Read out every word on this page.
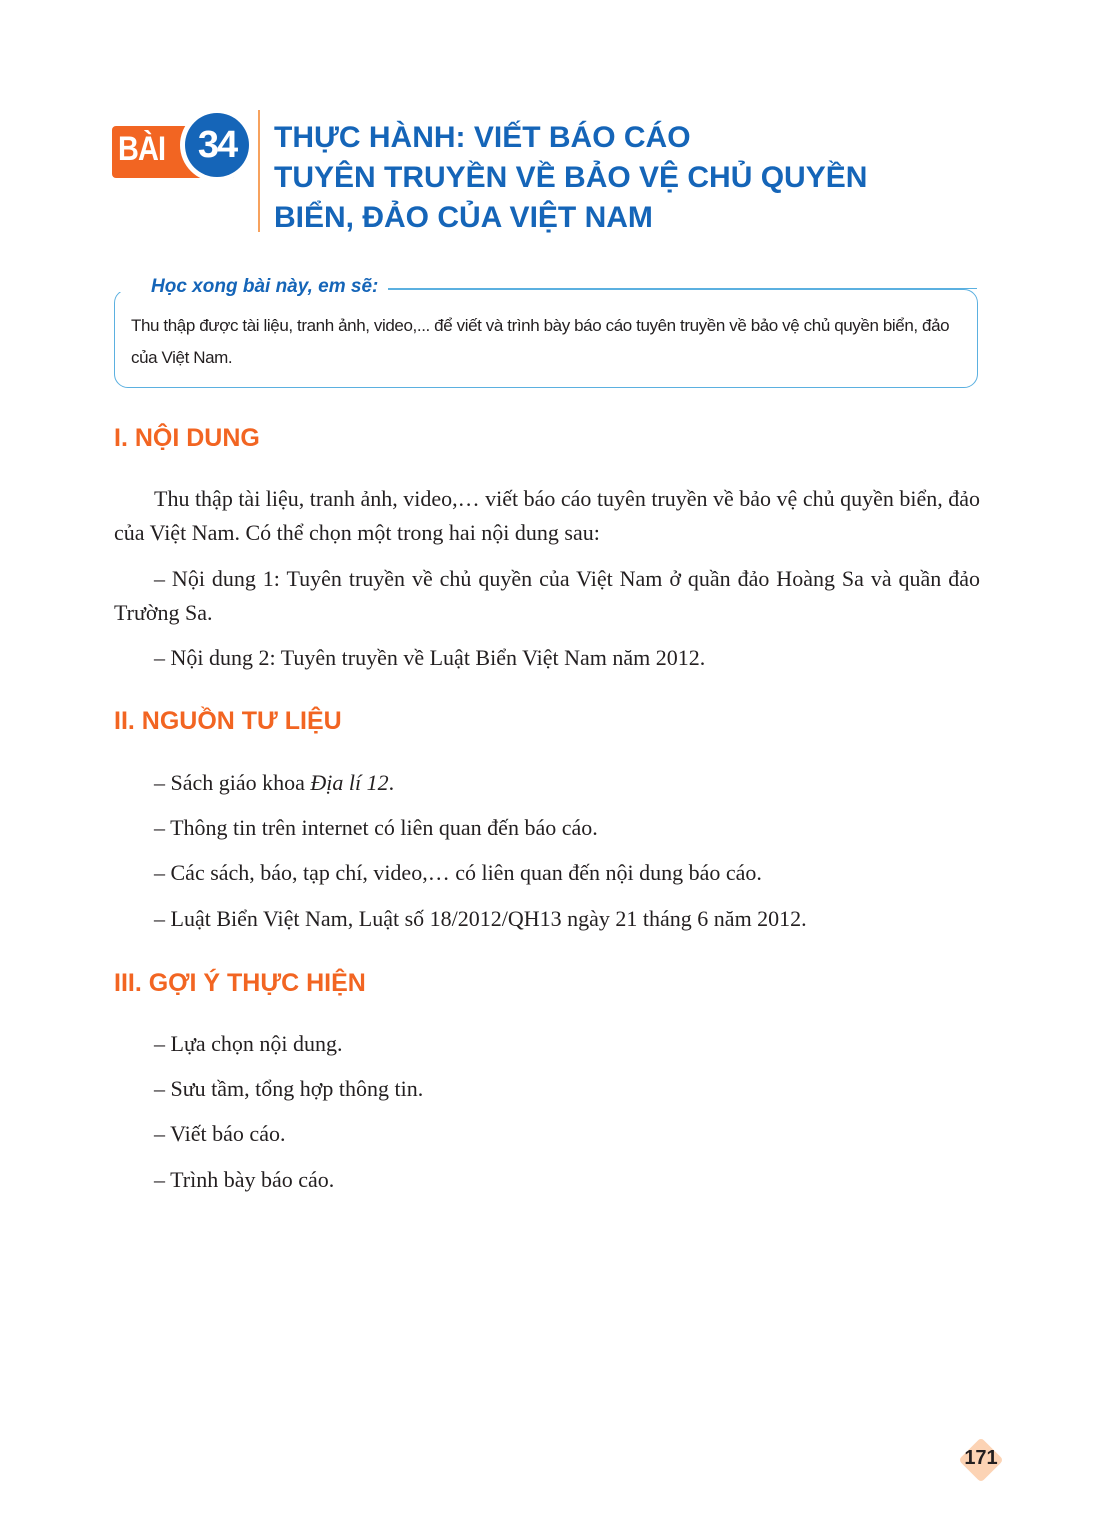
BÀI 34	THỰC HÀNH: VIẾT BÁO CÁO
TUYÊN TRUYỀN VỀ BẢO VỆ CHỦ QUYỀN
BIỂN, ĐẢO CỦA VIỆT NAM
Học xong bài này, em sẽ:
Thu thập được tài liệu, tranh ảnh, video,... để viết và trình bày báo cáo tuyên truyền về bảo vệ chủ quyền biển, đảo của Việt Nam.
I. NỘI DUNG
Thu thập tài liệu, tranh ảnh, video,… viết báo cáo tuyên truyền về bảo vệ chủ quyền biển, đảo của Việt Nam. Có thể chọn một trong hai nội dung sau:
– Nội dung 1: Tuyên truyền về chủ quyền của Việt Nam ở quần đảo Hoàng Sa và quần đảo Trường Sa.
– Nội dung 2: Tuyên truyền về Luật Biển Việt Nam năm 2012.
II. NGUỒN TƯ LIỆU
– Sách giáo khoa Địa lí 12.
– Thông tin trên internet có liên quan đến báo cáo.
– Các sách, báo, tạp chí, video,… có liên quan đến nội dung báo cáo.
– Luật Biển Việt Nam, Luật số 18/2012/QH13 ngày 21 tháng 6 năm 2012.
III. GỢI Ý THỰC HIỆN
– Lựa chọn nội dung.
– Sưu tầm, tổng hợp thông tin.
– Viết báo cáo.
– Trình bày báo cáo.
171
